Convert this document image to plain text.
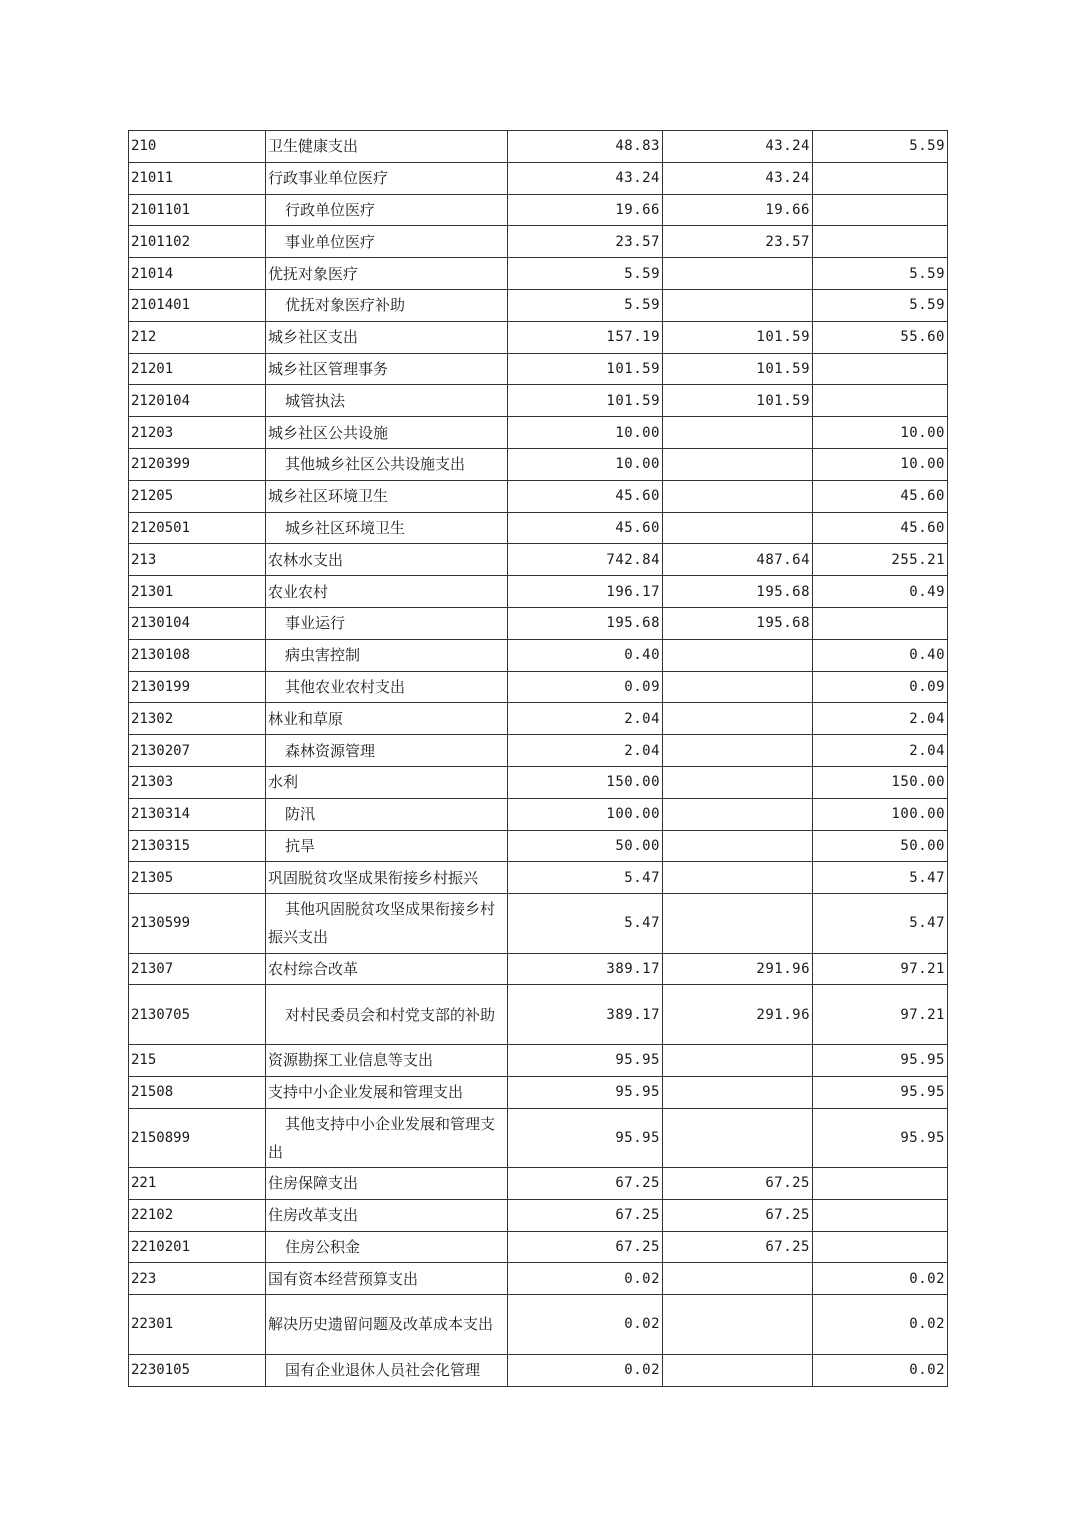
210	卫生健康支出	48.83	43.24	5.59
21011	行政事业单位医疗	43.24	43.24	
2101101	行政单位医疗	19.66	19.66	
2101102	事业单位医疗	23.57	23.57	
21014	优抚对象医疗	5.59		5.59
2101401	优抚对象医疗补助	5.59		5.59
212	城乡社区支出	157.19	101.59	55.60
21201	城乡社区管理事务	101.59	101.59	
2120104	城管执法	101.59	101.59	
21203	城乡社区公共设施	10.00		10.00
2120399	其他城乡社区公共设施支出	10.00		10.00
21205	城乡社区环境卫生	45.60		45.60
2120501	城乡社区环境卫生	45.60		45.60
213	农林水支出	742.84	487.64	255.21
21301	农业农村	196.17	195.68	0.49
2130104	事业运行	195.68	195.68	
2130108	病虫害控制	0.40		0.40
2130199	其他农业农村支出	0.09		0.09
21302	林业和草原	2.04		2.04
2130207	森林资源管理	2.04		2.04
21303	水利	150.00		150.00
2130314	防汛	100.00		100.00
2130315	抗旱	50.00		50.00
21305	巩固脱贫攻坚成果衔接乡村振兴	5.47		5.47
2130599	其他巩固脱贫攻坚成果衔接乡村振兴支出	5.47		5.47
21307	农村综合改革	389.17	291.96	97.21
2130705	对村民委员会和村党支部的补助	389.17	291.96	97.21
215	资源勘探工业信息等支出	95.95		95.95
21508	支持中小企业发展和管理支出	95.95		95.95
2150899	其他支持中小企业发展和管理支出	95.95		95.95
221	住房保障支出	67.25	67.25	
22102	住房改革支出	67.25	67.25	
2210201	住房公积金	67.25	67.25	
223	国有资本经营预算支出	0.02		0.02
22301	解决历史遗留问题及改革成本支出	0.02		0.02
2230105	国有企业退休人员社会化管理	0.02		0.02
